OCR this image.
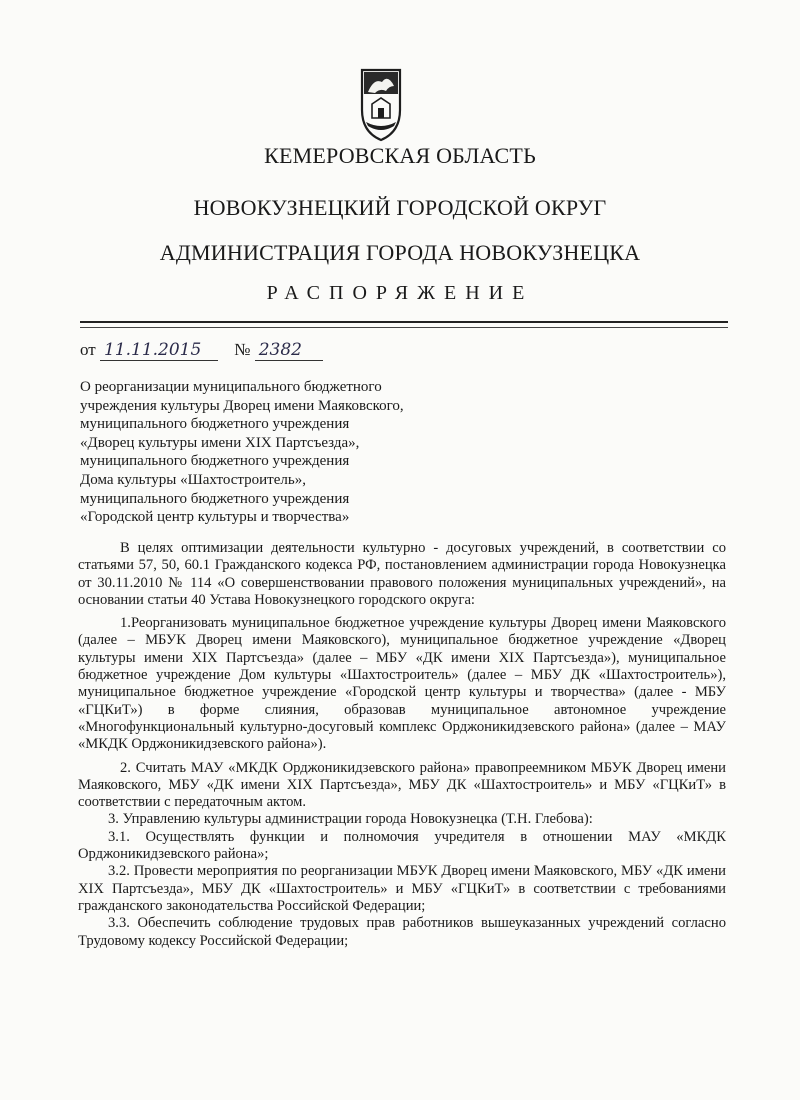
КЕМЕРОВСКАЯ ОБЛАСТЬ
НОВОКУЗНЕЦКИЙ ГОРОДСКОЙ ОКРУГ
АДМИНИСТРАЦИЯ ГОРОДА НОВОКУЗНЕЦКА
РАСПОРЯЖЕНИЕ
от 11.11.2015 № 2382
О реорганизации муниципального бюджетного
учреждения культуры Дворец имени Маяковского,
муниципального бюджетного учреждения
«Дворец культуры имени XIX Партсъезда»,
муниципального бюджетного учреждения
Дома культуры «Шахтостроитель»,
муниципального бюджетного учреждения
«Городской центр культуры и творчества»

В целях оптимизации деятельности культурно - досуговых учреждений, в соответствии со статьями 57, 50, 60.1 Гражданского кодекса РФ, постановлением администрации города Новокузнецка от 30.11.2010 № 114 «О совершенствовании правового положения муниципальных учреждений», на основании статьи 40 Устава Новокузнецкого городского округа:

1.Реорганизовать муниципальное бюджетное учреждение культуры Дворец имени Маяковского (далее – МБУК Дворец имени Маяковского), муниципальное бюджетное учреждение «Дворец культуры имени XIX Партсъезда» (далее – МБУ «ДК имени XIX Партсъезда»), муниципальное бюджетное учреждение Дом культуры «Шахтостроитель» (далее – МБУ ДК «Шахтостроитель»), муниципальное бюджетное учреждение «Городской центр культуры и творчества» (далее - МБУ «ГЦКиТ») в форме слияния, образовав муниципальное автономное учреждение «Многофункциональный культурно-досуговый комплекс Орджоникидзевского района» (далее – МАУ «МКДК Орджоникидзевского района»).

2. Считать МАУ «МКДК Орджоникидзевского района» правопреемником МБУК Дворец имени Маяковского, МБУ «ДК имени XIX Партсъезда», МБУ ДК «Шахтостроитель» и МБУ «ГЦКиТ» в соответствии с передаточным актом.

3. Управлению культуры администрации города Новокузнецка (Т.Н. Глебова):

3.1. Осуществлять функции и полномочия учредителя в отношении МАУ «МКДК Орджоникидзевского района»;

3.2. Провести мероприятия по реорганизации МБУК Дворец имени Маяковского, МБУ «ДК имени XIX Партсъезда», МБУ ДК «Шахтостроитель» и МБУ «ГЦКиТ» в соответствии с требованиями гражданского законодательства Российской Федерации;

3.3. Обеспечить соблюдение трудовых прав работников вышеуказанных учреждений согласно Трудовому кодексу Российской Федерации;
